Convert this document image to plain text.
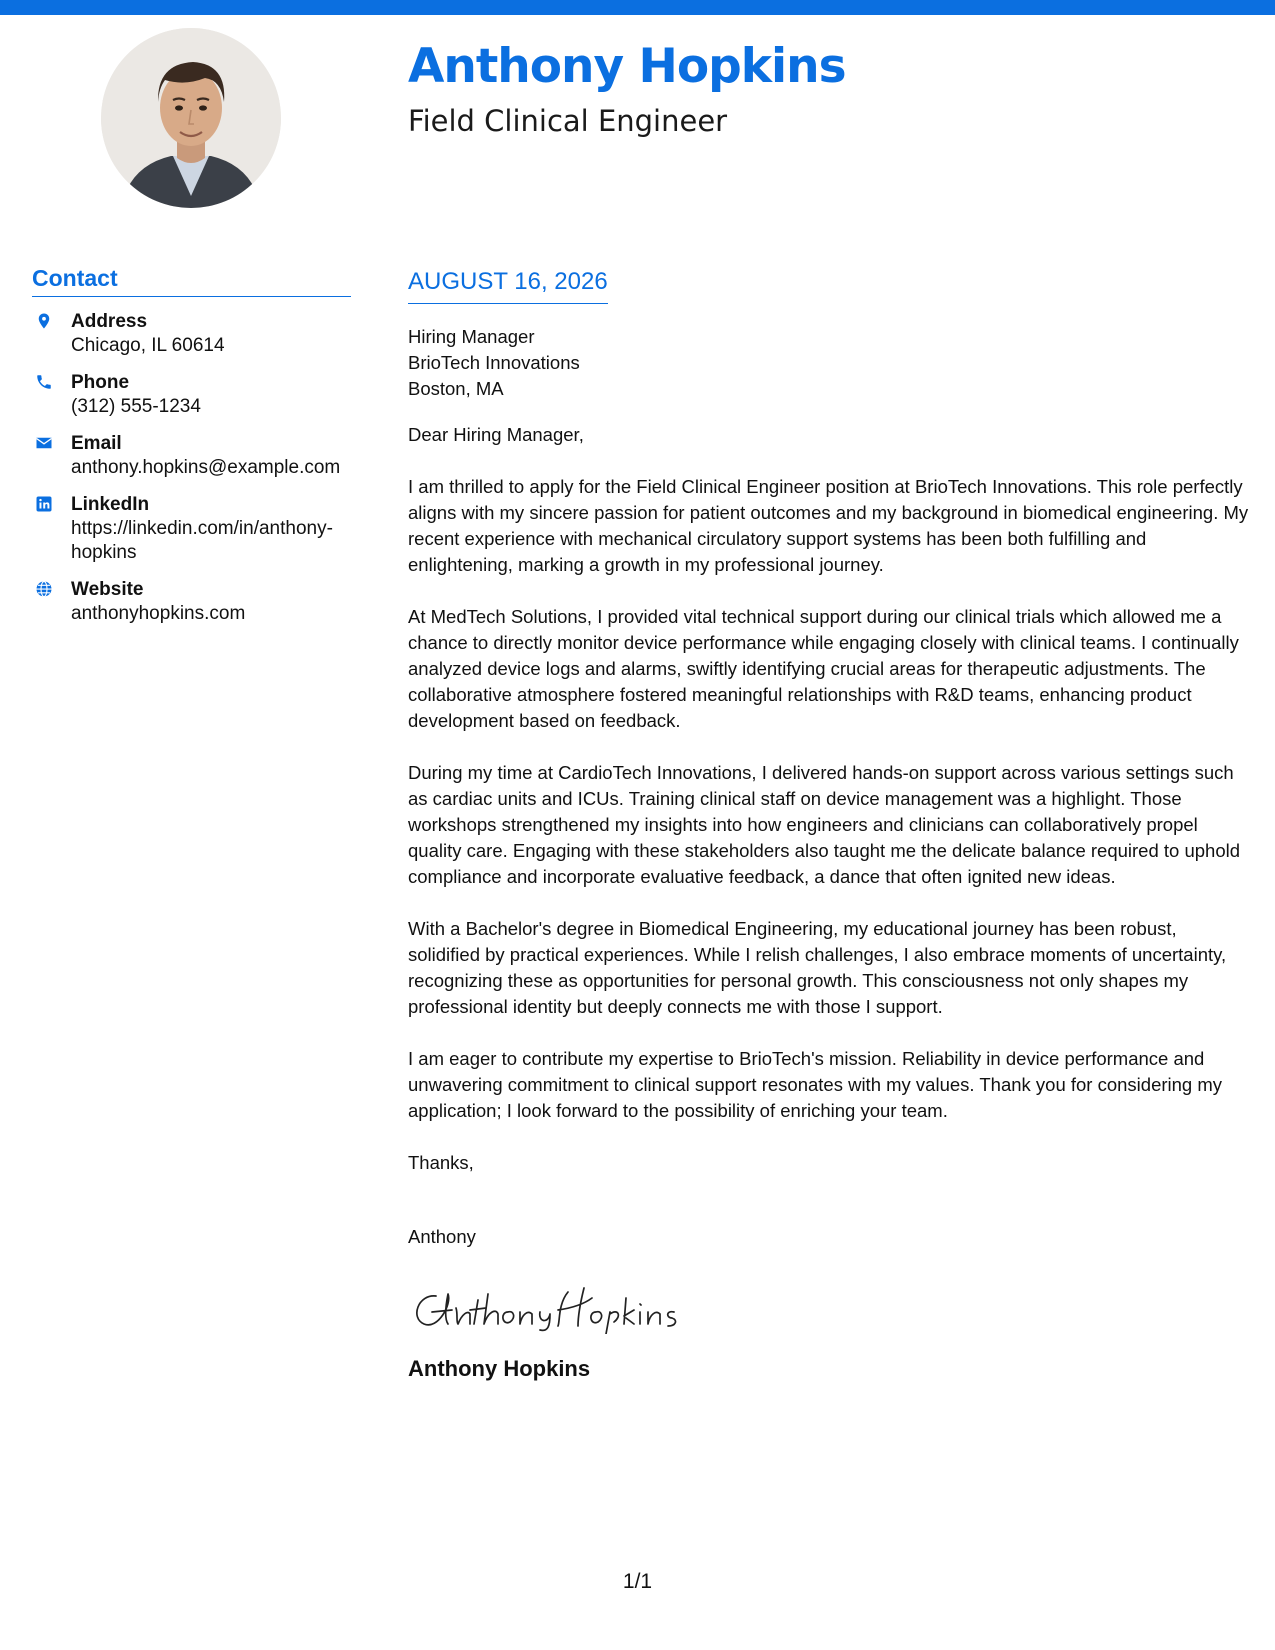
Anthony Hopkins
Field Clinical Engineer
Contact
Address
Chicago, IL 60614
Phone
(312) 555-1234
Email
anthony.hopkins@example.com
LinkedIn
https://linkedin.com/in/anthony-hopkins
Website
anthonyhopkins.com
AUGUST 16, 2026
Hiring Manager
BrioTech Innovations
Boston, MA
Dear Hiring Manager,

I am thrilled to apply for the Field Clinical Engineer position at BrioTech Innovations. This role perfectly aligns with my sincere passion for patient outcomes and my background in biomedical engineering. My recent experience with mechanical circulatory support systems has been both fulfilling and enlightening, marking a growth in my professional journey.

At MedTech Solutions, I provided vital technical support during our clinical trials which allowed me a chance to directly monitor device performance while engaging closely with clinical teams. I continually analyzed device logs and alarms, swiftly identifying crucial areas for therapeutic adjustments. The collaborative atmosphere fostered meaningful relationships with R&D teams, enhancing product development based on feedback.

During my time at CardioTech Innovations, I delivered hands-on support across various settings such as cardiac units and ICUs. Training clinical staff on device management was a highlight. Those workshops strengthened my insights into how engineers and clinicians can collaboratively propel quality care. Engaging with these stakeholders also taught me the delicate balance required to uphold compliance and incorporate evaluative feedback, a dance that often ignited new ideas.

With a Bachelor's degree in Biomedical Engineering, my educational journey has been robust, solidified by practical experiences. While I relish challenges, I also embrace moments of uncertainty, recognizing these as opportunities for personal growth. This consciousness not only shapes my professional identity but deeply connects me with those I support.

I am eager to contribute my expertise to BrioTech's mission. Reliability in device performance and unwavering commitment to clinical support resonates with my values. Thank you for considering my application; I look forward to the possibility of enriching your team.

Thanks,
Anthony
Anthony Hopkins
1/1
